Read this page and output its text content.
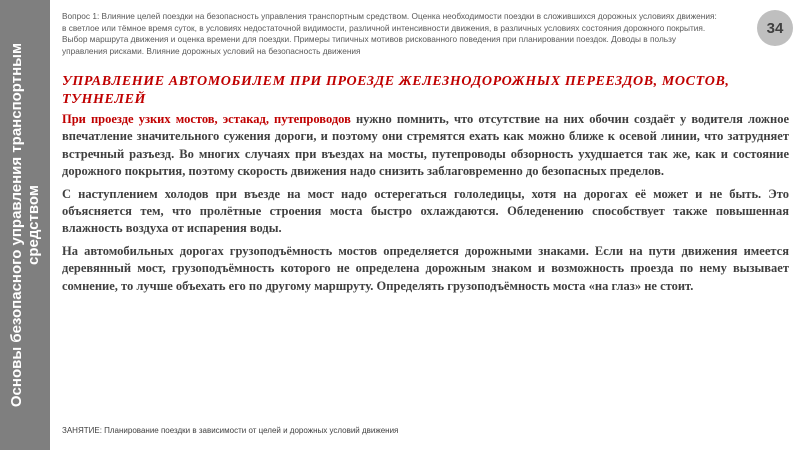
Основы безопасного управления транспортным средством
Вопрос 1: Влияние целей поездки на безопасность управления транспортным средством. Оценка необходимости поездки в сложившихся дорожных условиях движения: в светлое или тёмное время суток, в условиях недостаточной видимости, различной интенсивности движения, в различных условиях состояния дорожного покрытия. Выбор маршрута движения и оценка времени для поездки. Примеры типичных мотивов рискованного поведения при планировании поездок. Доводы в пользу управления рисками. Влияние дорожных условий на безопасность движения
34
УПРАВЛЕНИЕ АВТОМОБИЛЕМ ПРИ ПРОЕЗДЕ ЖЕЛЕЗНОДОРОЖНЫХ ПЕРЕЕЗДОВ, МОСТОВ, ТУННЕЛЕЙ

При проезде узких мостов, эстакад, путепроводов нужно помнить, что отсутствие на них обочин создаёт у водителя ложное впечатление значительного сужения дороги, и поэтому они стремятся ехать как можно ближе к осевой линии, что затрудняет встречный разъезд. Во многих случаях при въездах на мосты, путепроводы обзорность ухудшается так же, как и состояние дорожного покрытия, поэтому скорость движения надо снизить заблаговременно до безопасных пределов.

С наступлением холодов при въезде на мост надо остерегаться гололедицы, хотя на дорогах её может и не быть. Это объясняется тем, что пролётные строения моста быстро охлаждаются. Обледенению способствует также повышенная влажность воздуха от испарения воды.

На автомобильных дорогах грузоподъёмность мостов определяется дорожными знаками. Если на пути движения имеется деревянный мост, грузоподъёмность которого не определена дорожным знаком и возможность проезда по нему вызывает сомнение, то лучше объехать его по другому маршруту. Определять грузоподъёмность моста «на глаз» не стоит.

ЗАНЯТИЕ: Планирование поездки в зависимости от целей и дорожных условий движения
